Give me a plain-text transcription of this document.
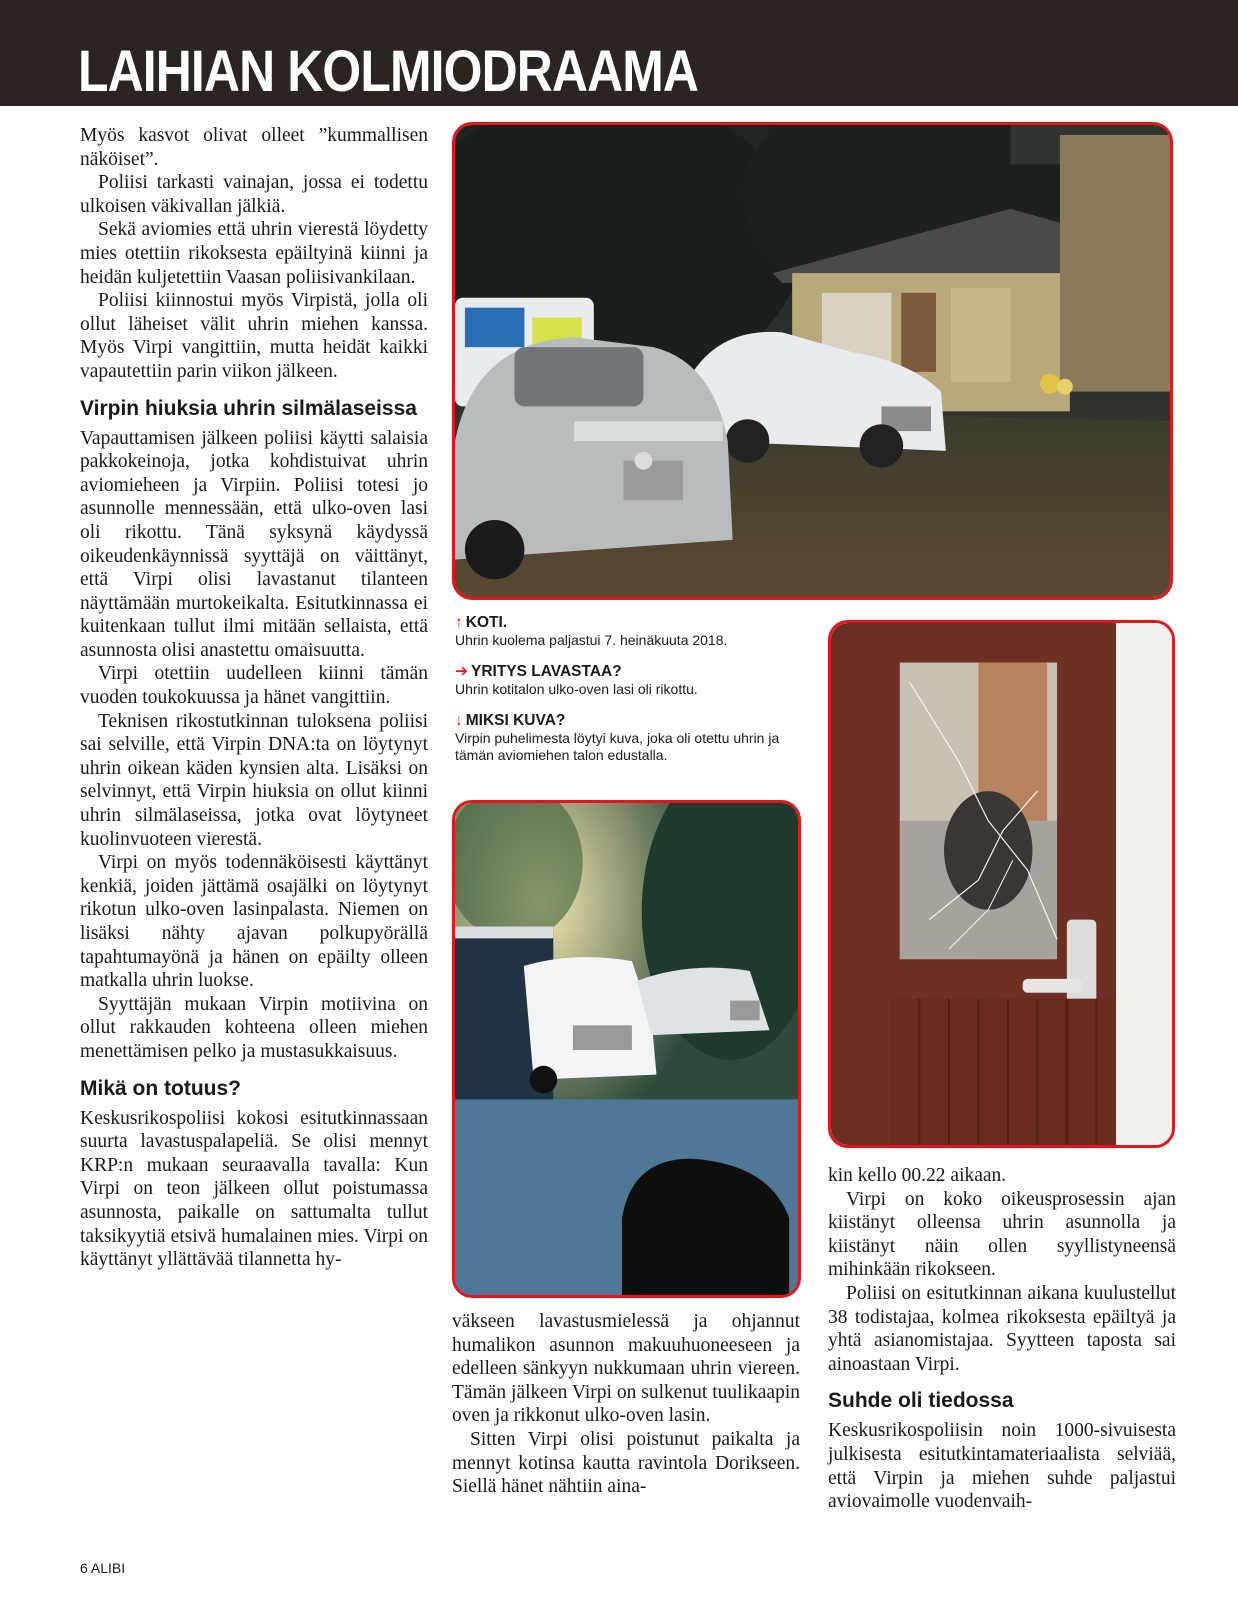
LAIHIAN KOLMIODRAAMA

Myös kasvot olivat olleet ”kummallisen näköiset”.

Poliisi tarkasti vainajan, jossa ei todettu ulkoisen väkivallan jälkiä.

Sekä aviomies että uhrin vierestä löydetty mies otettiin rikoksesta epäiltyinä kiinni ja heidän kuljetettiin Vaasan poliisivankilaan.

Poliisi kiinnostui myös Virpistä, jolla oli ollut läheiset välit uhrin miehen kanssa. Myös Virpi vangittiin, mutta heidät kaikki vapautettiin parin viikon jälkeen.

Virpin hiuksia uhrin silmälaseissa

Vapauttamisen jälkeen poliisi käytti salaisia pakkokeinoja, jotka kohdistuivat uhrin aviomieheen ja Virpiin. Poliisi totesi jo asunnolle mennessään, että ulko-oven lasi oli rikottu. Tänä syksynä käydyssä oikeudenkäynnissä syyttäjä on väittänyt, että Virpi olisi lavastanut tilanteen näyttämään murtokeikalta. Esitutkinnassa ei kuitenkaan tullut ilmi mitään sellaista, että asunnosta olisi anastettu omaisuutta.

Virpi otettiin uudelleen kiinni tämän vuoden toukokuussa ja hänet vangittiin.

Teknisen rikostutkinnan tuloksena poliisi sai selville, että Virpin DNA:ta on löytynyt uhrin oikean käden kynsien alta. Lisäksi on selvinnyt, että Virpin hiuksia on ollut kiinni uhrin silmälaseissa, jotka ovat löytyneet kuolinvuoteen vierestä.

Virpi on myös todennäköisesti käyttänyt kenkiä, joiden jättämä osajälki on löytynyt rikotun ulko-oven lasinpalasta. Niemen on lisäksi nähty ajavan polkupyörällä tapahtumayönä ja hänen on epäilty olleen matkalla uhrin luokse.

Syyttäjän mukaan Virpin motiivina on ollut rakkauden kohteena olleen miehen menettämisen pelko ja mustasukkaisuus.

Mikä on totuus?

Keskusrikospoliisi kokosi esitutkinnassaan suurta lavastuspalapeliä. Se olisi mennyt KRP:n mukaan seuraavalla tavalla: Kun Virpi on teon jälkeen ollut poistumassa asunnosta, paikalle on sattumalta tullut taksikyytiä etsivä humalainen mies. Virpi on käyttänyt yllättävää tilannetta hy-

↑ KOTI.
Uhrin kuolema paljastui 7. heinäkuuta 2018.
➔ YRITYS LAVASTAA?
Uhrin kotitalon ulko-oven lasi oli rikottu.
↓ MIKSI KUVA?
Virpin puhelimesta löytyi kuva, joka oli otettu uhrin ja tämän aviomiehen talon edustalla.

väkseen lavastusmielessä ja ohjannut humalikon asunnon makuuhuoneeseen ja edelleen sänkyyn nukkumaan uhrin viereen. Tämän jälkeen Virpi on sulkenut tuulikaapin oven ja rikkonut ulko-oven lasin.

Sitten Virpi olisi poistunut paikalta ja mennyt kotinsa kautta ravintola Dorikseen. Siellä hänet nähtiin aina-

kin kello 00.22 aikaan.

Virpi on koko oikeusprosessin ajan kiistänyt olleensa uhrin asunnolla ja kiistänyt näin ollen syyllistyneensä mihinkään rikokseen.

Poliisi on esitutkinnan aikana kuulustellut 38 todistajaa, kolmea rikoksesta epäiltyä ja yhtä asianomistajaa. Syytteen taposta sai ainoastaan Virpi.

Suhde oli tiedossa

Keskusrikospoliisin noin 1000-sivuisesta julkisesta esitutkintamateriaalista selviää, että Virpin ja miehen suhde paljastui aviovaimolle vuodenvaih-

6 ALIBI
